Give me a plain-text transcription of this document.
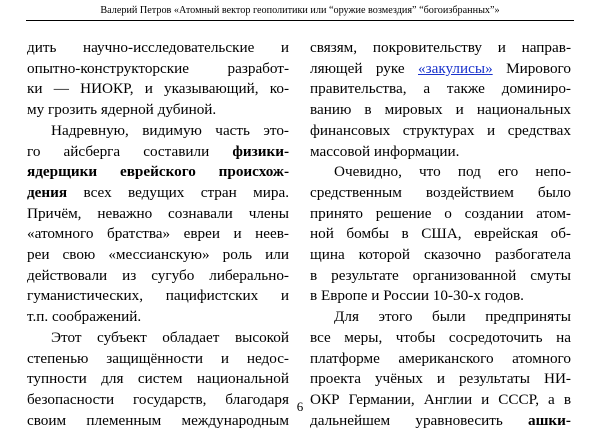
Валерий Петров «Атомный вектор геополитики или “оружие возмездия” “богоизбранных”»

дить научно-исследовательские и
опытно-конструкторские разработ-
ки — НИОКР, и указывающий, ко-
му грозить ядерной дубиной.

Надревную, видимую часть это-
го айсберга составили физики-
ядерщики еврейского происхож-
дения всех ведущих стран мира.
Причём, неважно сознавали члены
«атомного братства» евреи и неев-
реи свою «мессианскую» роль или
действовали из сугубо либерально-
гуманистических, пацифистских и
т.п. соображений.

Этот субъект обладает высокой
степенью защищённости и недос-
тупности для систем национальной
безопасности государств, благодаря
своим племенным международным

связям, покровительству и направ-
ляющей руке «закулисы» Мирового
правительства, а также доминиро-
ванию в мировых и национальных
финансовых структурах и средствах
массовой информации.

Очевидно, что под его непо-
средственным воздействием было
принято решение о создании атом-
ной бомбы в США, еврейская об-
щина которой сказочно разбогатела
в результате организованной смуты
в Европе и России 10-30-х годов.

Для этого были предприняты
все меры, чтобы сосредоточить на
платформе американского атомного
проекта учёных и результаты НИ-
ОКР Германии, Англии и СССР, а в
дальнейшем уравновесить ашки-

6
